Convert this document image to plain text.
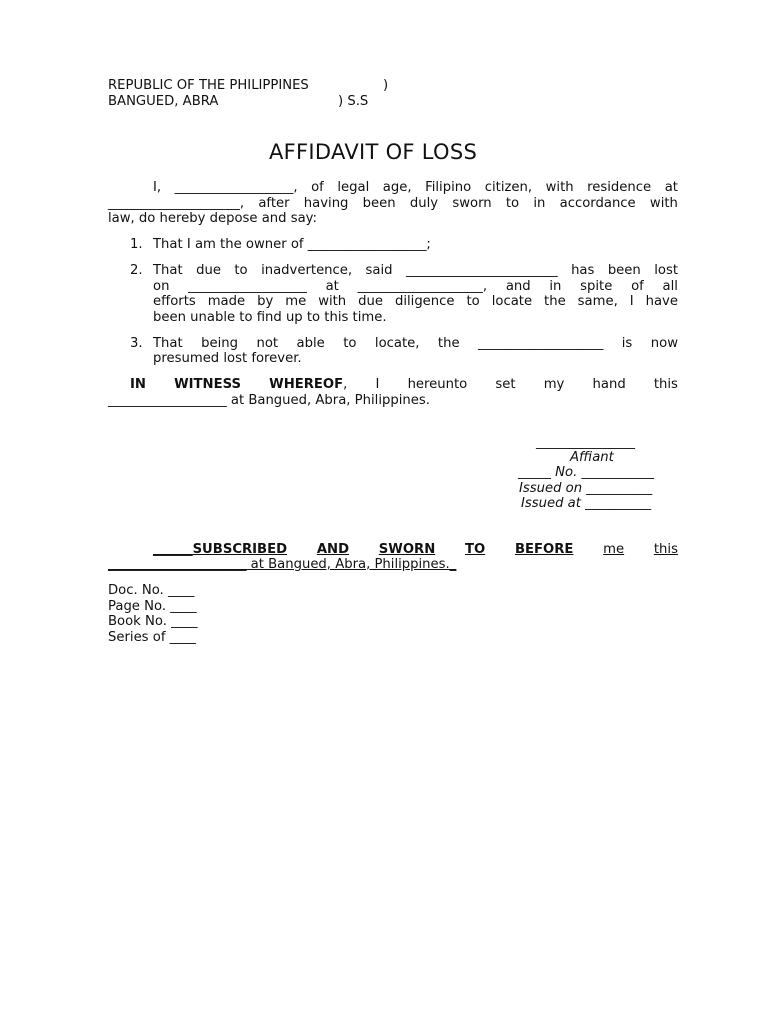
REPUBLIC OF THE PHILIPPINES	)
BANGUED, ABRA	) S.S
AFFIDAVIT OF LOSS
I, __________________, of legal age, Filipino citizen, with residence at
____________________, after having been duly sworn to in accordance with
law, do hereby depose and say:
1. That I am the owner of __________________;
2. That due to inadvertence, said _______________________ has been lost
on __________________ at ___________________, and in spite of all
efforts made by me with due diligence to locate the same, I have
been unable to find up to this time.
3. That being not able to locate, the ___________________ is now
presumed lost forever.
IN WITNESS WHEREOF, I hereunto set my hand this
__________________ at Bangued, Abra, Philippines.
_______________
Affiant
_____ No. ___________
Issued on __________
Issued at __________
______SUBSCRIBED AND SWORN TO BEFORE me this
_____________________ at Bangued, Abra, Philippines._
Doc. No. ____
Page No. ____
Book No. ____
Series of ____
